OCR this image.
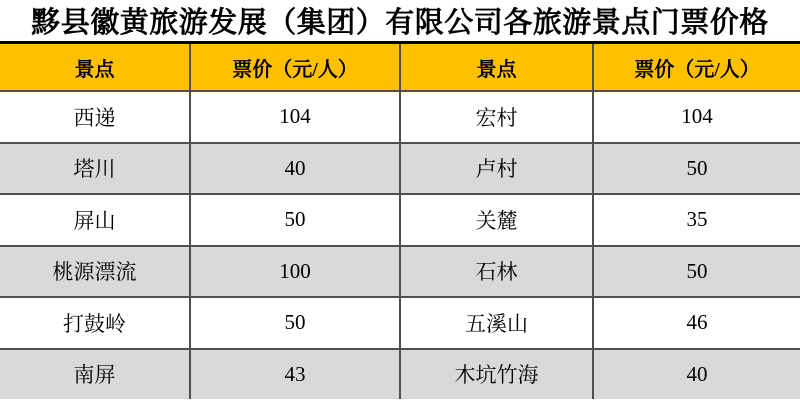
黟县徽黄旅游发展（集团）有限公司各旅游景点门票价格
景点	票价（元/人）	景点	票价（元/人）
西递	104	宏村	104
塔川	40	卢村	50
屏山	50	关麓	35
桃源漂流	100	石林	50
打鼓岭	50	五溪山	46
南屏	43	木坑竹海	40
